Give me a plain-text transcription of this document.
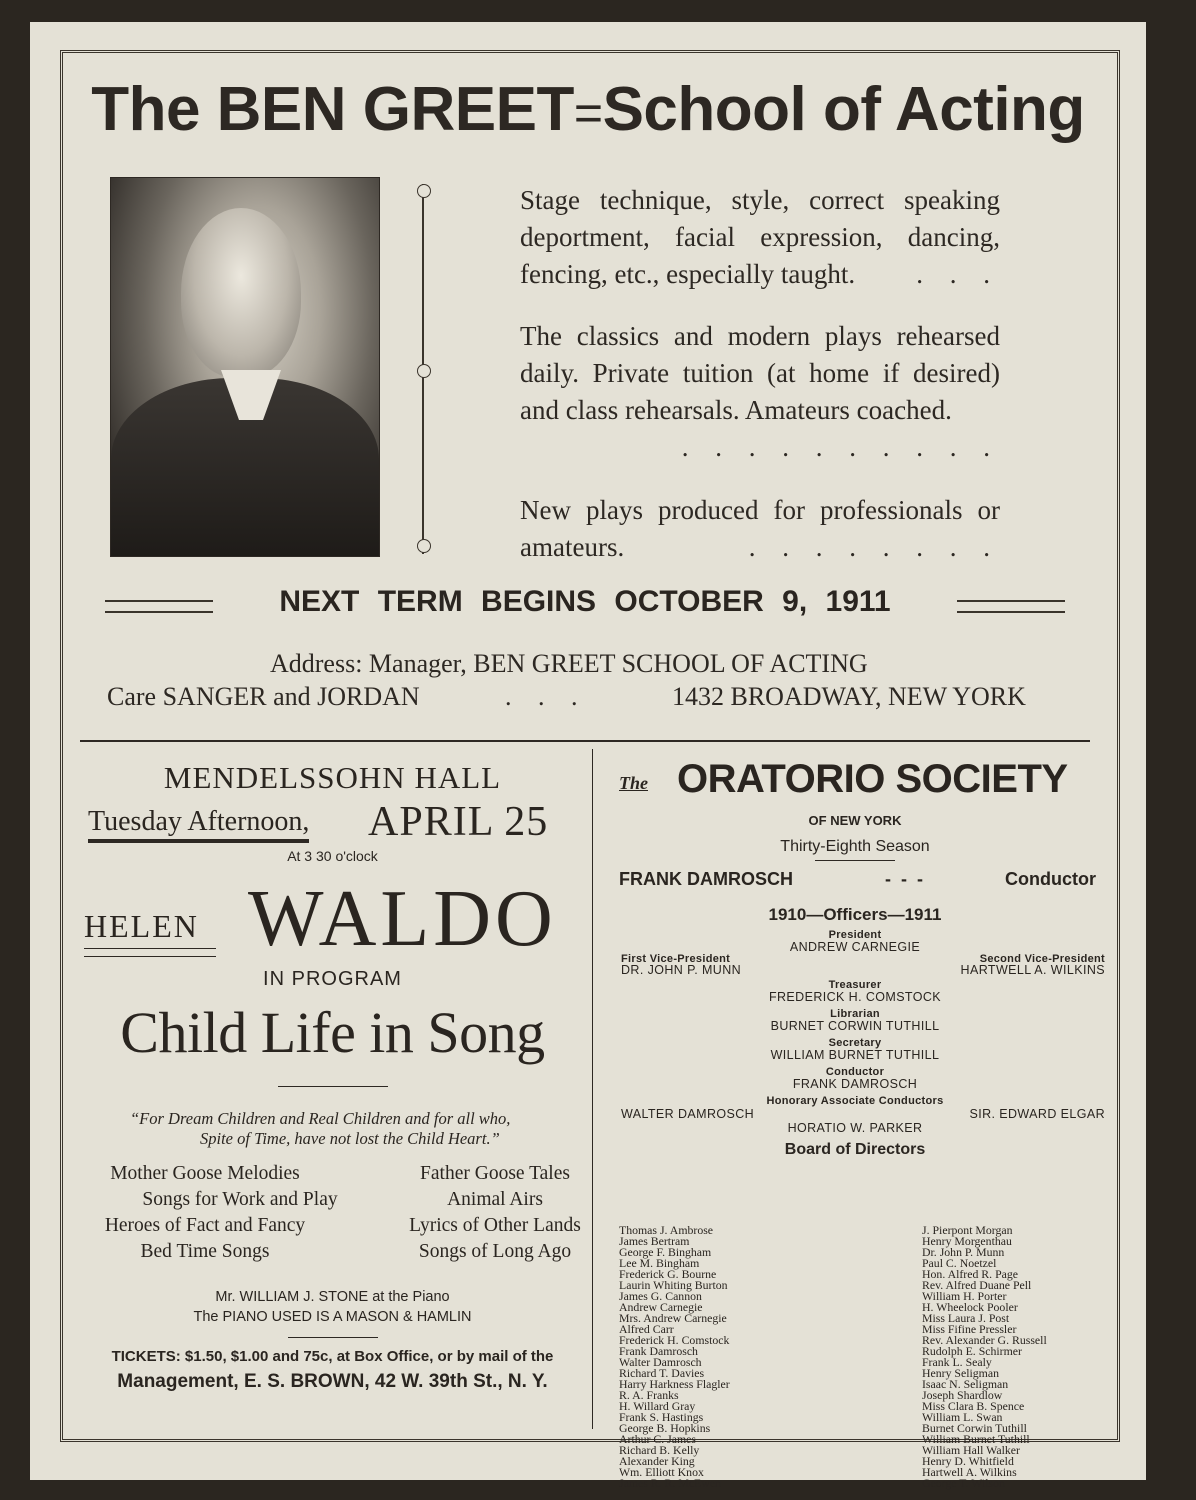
The BEN GREET=School of Acting
Stage technique, style, correct speaking deportment, facial expression, dancing, fencing, etc., especially taught. . . .
The classics and modern plays rehearsed daily. Private tuition (at home if desired) and class rehearsals. Amateurs coached.
. . . . . . . . . .
New plays produced for professionals or amateurs.	. . . . . . . .
NEXT TERM BEGINS OCTOBER 9, 1911
Address: Manager, BEN GREET SCHOOL OF ACTING
Care SANGER and JORDAN	. . .	1432 BROADWAY, NEW YORK
MENDELSSOHN HALL
Tuesday Afternoon, APRIL 25
At 3 30 o'clock
HELEN WALDO
IN PROGRAM
Child Life in Song
“For Dream Children and Real Children and for all who,
Spite of Time, have not lost the Child Heart.”
Mother Goose Melodies	Father Goose Tales
Songs for Work and Play	Animal Airs
Heroes of Fact and Fancy	Lyrics of Other Lands
Bed Time Songs	Songs of Long Ago
Mr. WILLIAM J. STONE at the Piano
The PIANO USED IS A MASON & HAMLIN
TICKETS: $1.50, $1.00 and 75c, at Box Office, or by mail of the
Management, E. S. BROWN, 42 W. 39th St., N. Y.
The ORATORIO SOCIETY
OF NEW YORK
Thirty-Eighth Season
FRANK DAMROSCH	-  -  -	Conductor
1910—Officers—1911
President
ANDREW CARNEGIE
First Vice-President
DR. JOHN P. MUNN
Second Vice-President
HARTWELL A. WILKINS
Treasurer
FREDERICK H. COMSTOCK
Librarian
BURNET CORWIN TUTHILL
Secretary
WILLIAM BURNET TUTHILL
Conductor
FRANK DAMROSCH
Honorary Associate Conductors
WALTER DAMROSCH	SIR. EDWARD ELGAR
HORATIO W. PARKER
Board of Directors
Thomas J. Ambrose
James Bertram
George F. Bingham
Lee M. Bingham
Frederick G. Bourne
Laurin Whiting Burton
James G. Cannon
Andrew Carnegie
Mrs. Andrew Carnegie
Alfred Carr
Frederick H. Comstock
Frank Damrosch
Walter Damrosch
Richard T. Davies
Harry Harkness Flagler
R. A. Franks
H. Willard Gray
Frank S. Hastings
George B. Hopkins
Arthur C. James
Richard B. Kelly
Alexander King
Wm. Elliott Knox
James R. R. McEwen
J. Pierpont Morgan
Henry Morgenthau
Dr. John P. Munn
Paul C. Noetzel
Hon. Alfred R. Page
Rev. Alfred Duane Pell
William H. Porter
H. Wheelock Pooler
Miss Laura J. Post
Miss Fifine Pressler
Rev. Alexander G. Russell
Rudolph E. Schirmer
Frank L. Sealy
Henry Seligman
Isaac N. Seligman
Joseph Shardlow
Miss Clara B. Spence
William L. Swan
Burnet Corwin Tuthill
William Burnet Tuthill
William Hall Walker
Henry D. Whitfield
Hartwell A. Wilkins
George T. Wilson
